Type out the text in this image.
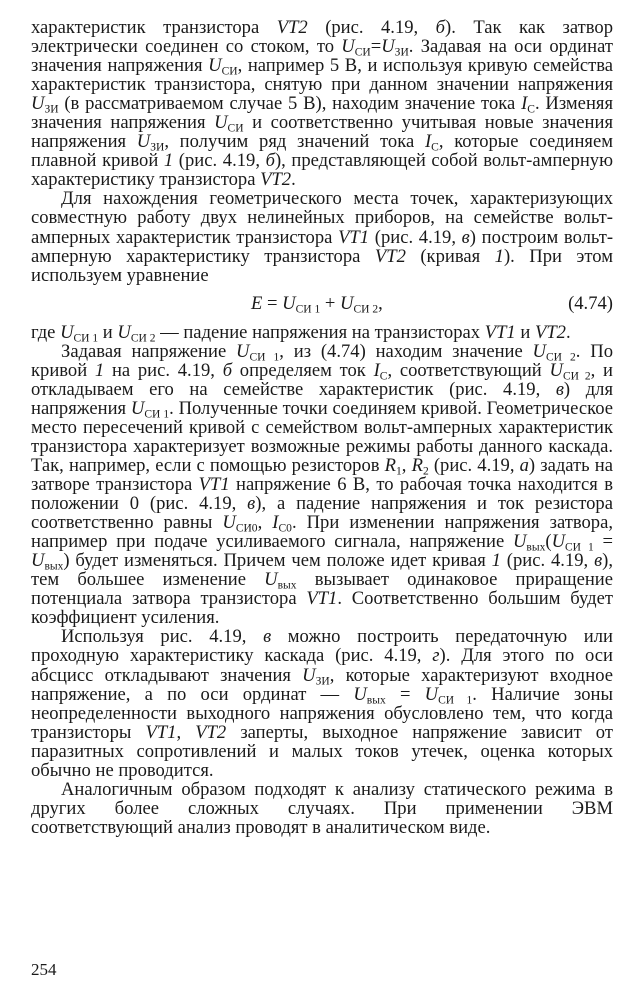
характеристик транзистора VT2 (рис. 4.19, б). Так как затвор электрически соединен со стоком, то $U_{СИ}=U_{ЗИ}$. Задавая на оси ординат значения напряжения $U_{СИ}$, например 5 В, и используя кривую семейства характеристик транзистора, снятую при данном значении напряжения $U_{ЗИ}$ (в рассматриваемом случае 5 В), находим значение тока $I_С$. Изменяя значения напряжения $U_{СИ}$ и соответственно учитывая новые значения напряжения $U_{ЗИ}$, получим ряд значений тока $I_С$, которые соединяем плавной кривой 1 (рис. 4.19, б), представляющей собой вольт-амперную характеристику транзистора VT2.

Для нахождения геометрического места точек, характеризующих совместную работу двух нелинейных приборов, на семействе вольт-амперных характеристик транзистора VT1 (рис. 4.19, в) построим вольт-амперную характеристику транзистора VT2 (кривая 1). При этом используем уравнение

$E = U_{СИ 1} + U_{СИ 2}$,	(4.74)

где $U_{СИ 1}$ и $U_{СИ 2}$ — падение напряжения на транзисторах VT1 и VT2.

Задавая напряжение $U_{СИ 1}$, из (4.74) находим значение $U_{СИ 2}$. По кривой 1 на рис. 4.19, б определяем ток $I_С$, соответствующий $U_{СИ 2}$, и откладываем его на семействе характеристик (рис. 4.19, в) для напряжения $U_{СИ 1}$. Полученные точки соединяем кривой. Геометрическое место пересечений кривой с семейством вольт-амперных характеристик транзистора характеризует возможные режимы работы данного каскада. Так, например, если с помощью резисторов $R_1$, $R_2$ (рис. 4.19, а) задать на затворе транзистора VT1 напряжение 6 В, то рабочая точка находится в положении 0 (рис. 4.19, в), а падение напряжения и ток резистора соответственно равны $U_{СИ0}$, $I_{С0}$. При изменении напряжения затвора, например при подаче усиливаемого сигнала, напряжение $U_{вых}(U_{СИ 1} = U_{вых})$ будет изменяться. Причем чем положе идет кривая 1 (рис. 4.19, в), тем большее изменение $U_{вых}$ вызывает одинаковое приращение потенциала затвора транзистора VT1. Соответственно большим будет коэффициент усиления.

Используя рис. 4.19, в можно построить передаточную или проходную характеристику каскада (рис. 4.19, г). Для этого по оси абсцисс откладывают значения $U_{ЗИ}$, которые характеризуют входное напряжение, а по оси ординат — $U_{вых} = U_{СИ 1}$. Наличие зоны неопределенности выходного напряжения обусловлено тем, что когда транзисторы VT1, VT2 заперты, выходное напряжение зависит от паразитных сопротивлений и малых токов утечек, оценка которых обычно не проводится.

Аналогичным образом подходят к анализу статического режима в других более сложных случаях. При применении ЭВМ соответствующий анализ проводят в аналитическом виде.

254
